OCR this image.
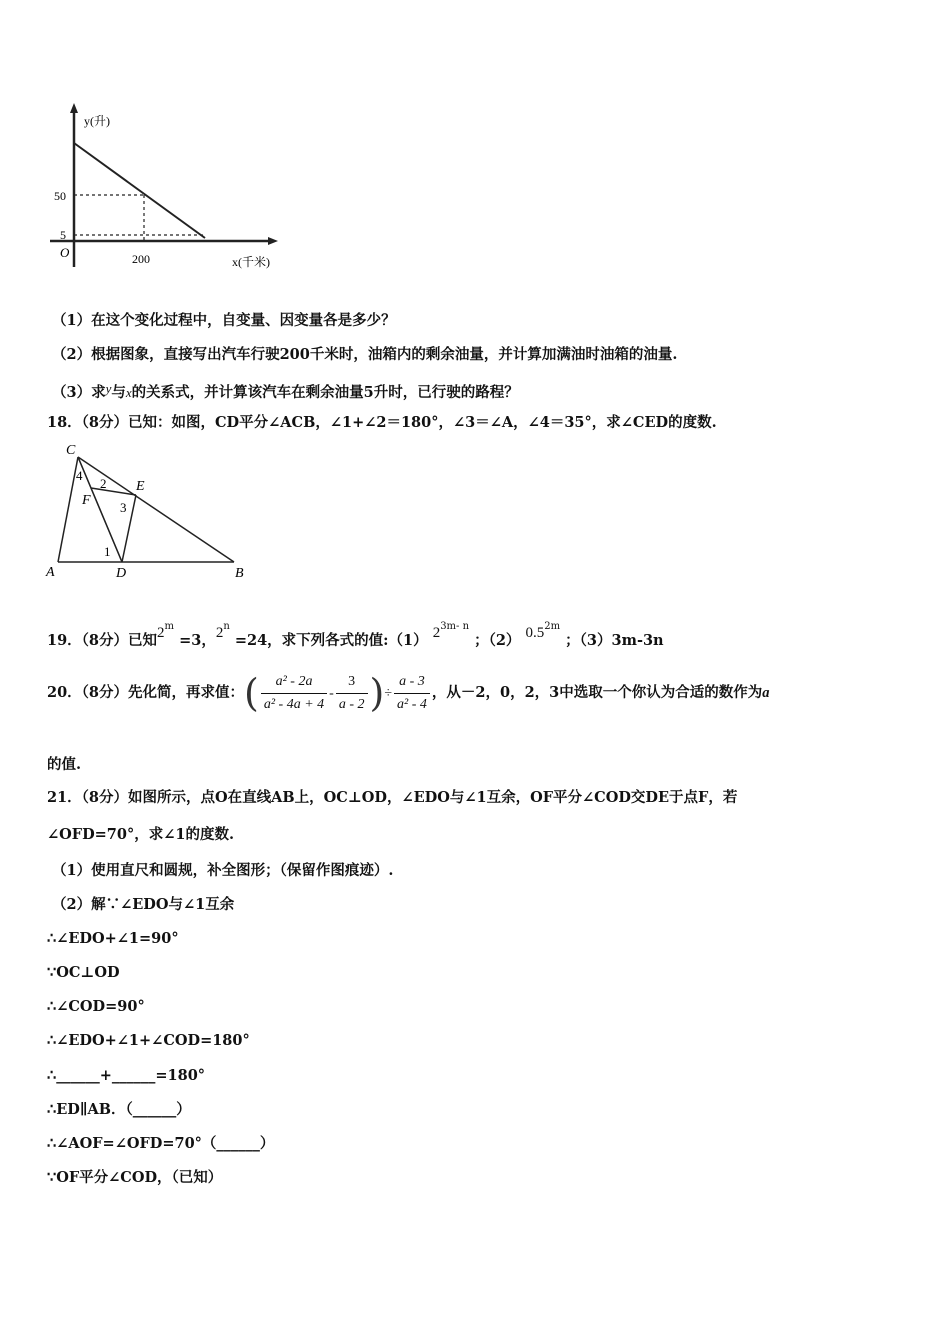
y(升)
x(千米)
O
50
5
200
（1）在这个变化过程中，自变量、因变量各是多少？
（2）根据图象，直接写出汽车行驶200千米时，油箱内的剩余油量，并计算加满油时油箱的油量.
（3）求y与x的关系式，并计算该汽车在剩余油量5升时，已行驶的路程？
18．（8分）已知：如图，CD平分∠ACB，∠1+∠2＝180°，∠3＝∠A，∠4＝35°，求∠CED的度数.
C
E
F
A	D	B
1
2
3
4
19．（8分）已知$2^m =3$，$2^n =24$，求下列各式的值:（1） $2^{3m- n}$ ；（2） $0.5^{2m}$ ；（3）3m-3n
20．（8分）先化简，再求值：( $\frac{\text{a² - 2a}}{\text{a² - 4a + 4}} - \frac{3}{a - 2}$ )÷ $\frac{a - 3}{\text{a² - 4}}$ ，从－2，0，2，3中选取一个你认为合适的数作为a
的值.
21．（8分）如图所示，点O在直线AB上，OC⊥OD，∠EDO与∠1互余，OF平分∠COD交DE于点F，若
∠OFD=70°，求∠1的度数.
（1）使用直尺和圆规，补全图形；（保留作图痕迹）.
（2）解∵∠EDO与∠1互余
∴∠EDO+∠1=90°
∵OC⊥OD
∴∠COD=90°
∴∠EDO+∠1+∠COD=180°
∴______+______=180°
∴ED∥AB．（______）
∴∠AOF=∠OFD=70°（______）
∵OF平分∠COD，（已知）
